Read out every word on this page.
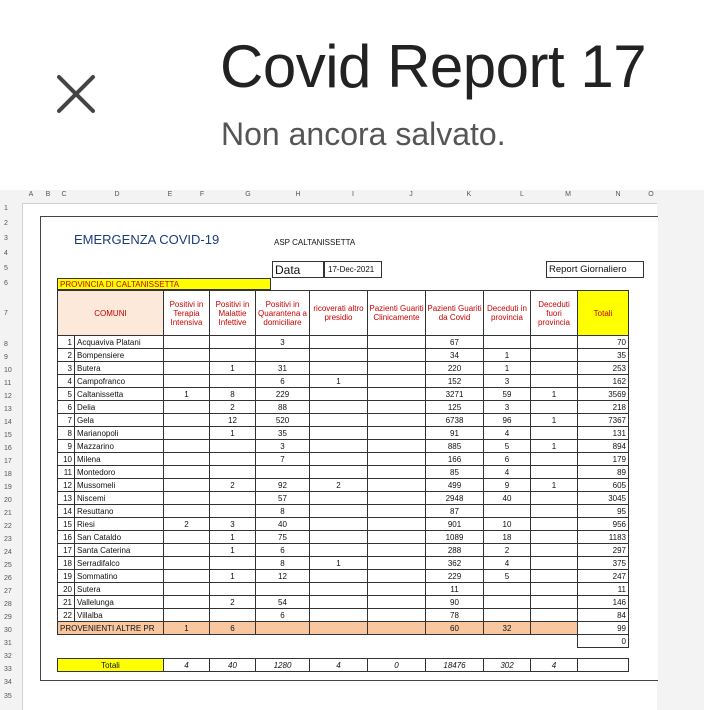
Covid Report 17
Non ancora salvato.
A B C	D	E	F	G	H	I	J	K	L	M	N	O
1
2
3
4
5
6
7
8
9
10
11
12
13
14
15
16
17
18
19
20
21
22
23
24
25
26
27
28
29
30
31
32
33
34
35
EMERGENZA COVID-19	ASP CALTANISSETTA
Data	17-Dec-2021	Report Giornaliero
PROVINCIA DI CALTANISSETTA
COMUNI		Positivi in Terapia Intensiva	Positivi in Malattie Infettive	Positivi in Quarantena a domiciliare	ricoverati altro presidio	Pazienti Guariti Clinicamente	Pazienti Guariti da Covid	Deceduti in provincia	Deceduti fuori provincia	Totali
1	Acquaviva Platani			3			67			70
2	Bompensiere						34	1		35
3	Butera		1	31			220	1		253
4	Campofranco			6	1		152	3		162
5	Caltanissetta	1	8	229			3271	59	1	3569
6	Delia		2	88			125	3		218
7	Gela		12	520			6738	96	1	7367
8	Marianopoli		1	35			91	4		131
9	Mazzarino			3			885	5	1	894
10	Milena			7			166	6		179
11	Montedoro						85	4		89
12	Mussomeli		2	92	2		499	9	1	605
13	Niscemi			57			2948	40		3045
14	Resuttano			8			87			95
15	Riesi	2	3	40			901	10		956
16	San Cataldo		1	75			1089	18		1183
17	Santa Caterina		1	6			288	2		297
18	Serradifalco			8	1		362	4		375
19	Sommatino		1	12			229	5		247
20	Sutera						11			11
21	Vallelunga		2	54			90			146
22	Villalba			6			78			84
PROVENIENTI ALTRE PR		1	6				60	32		99
										0

Totali		4	40	1280	4	0	18476	302	4	
